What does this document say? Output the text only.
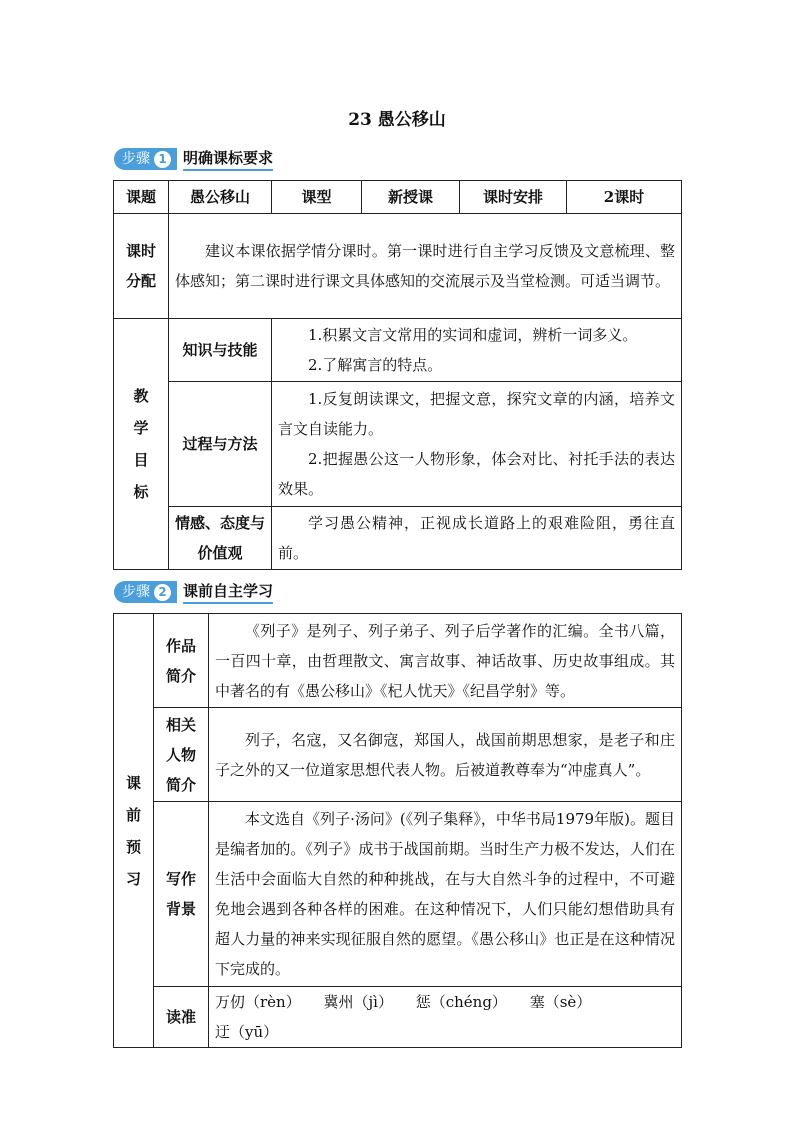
23 愚公移山
步骤 1 明确课标要求
课题	愚公移山	课型	新授课	课时安排	2课时
课时分配	建议本课依据学情分课时。第一课时进行自主学习反馈及文意梳理、整体感知；第二课时进行课文具体感知的交流展示及当堂检测。可适当调节。				
教学目标	知识与技能	1.积累文言文常用的实词和虚词，辨析一词多义。
2.了解寓言的特点。			

	过程与方法	1.反复朗读课文，把握文意，探究文章的内涵，培养文言文自读能力。
2.把握愚公这一人物形象，体会对比、衬托手法的表达效果。			

	情感、态度与价值观	学习愚公精神，正视成长道路上的艰难险阻，勇往直前。			
步骤 2 课前自主学习
课前预习	作品简介	《列子》是列子、列子弟子、列子后学著作的汇编。全书八篇，一百四十章，由哲理散文、寓言故事、神话故事、历史故事组成。其中著名的有《愚公移山》《杞人忧天》《纪昌学射》等。
	相关人物简介	列子，名寇，又名御寇，郑国人，战国前期思想家，是老子和庄子之外的又一位道家思想代表人物。后被道教尊奉为“冲虚真人”。
	写作背景	本文选自《列子·汤问》(《列子集释》，中华书局1979年版)。题目是编者加的。《列子》成书于战国前期。当时生产力极不发达，人们在生活中会面临大自然的种种挑战，在与大自然斗争的过程中，不可避免地会遇到各种各样的困难。在这种情况下，人们只能幻想借助具有超人力量的神来实现征服自然的愿望。《愚公移山》也正是在这种情况下完成的。
	读准	万仞（rèn） 冀州（jì） 惩（chéng） 塞（sè） 迂（yū）
